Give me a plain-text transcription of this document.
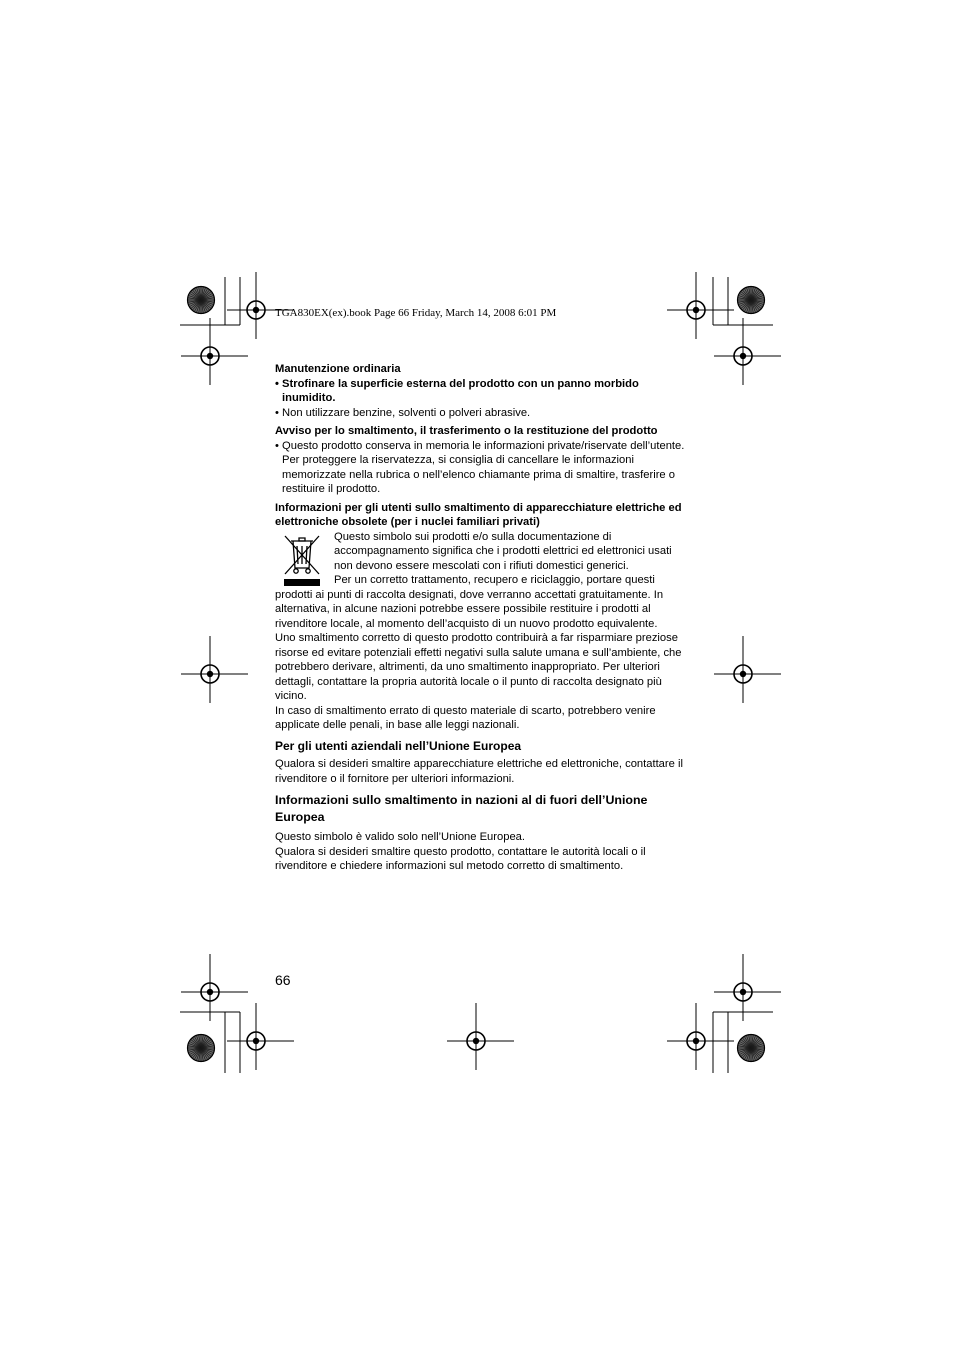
TGA830EX(ex).book Page 66 Friday, March 14, 2008 6:01 PM

Manutenzione ordinaria

• Strofinare la superficie esterna del prodotto con un panno morbido inumidito.

• Non utilizzare benzine, solventi o polveri abrasive.

Avviso per lo smaltimento, il trasferimento o la restituzione del prodotto

• Questo prodotto conserva in memoria le informazioni private/riservate dell’utente. Per proteggere la riservatezza, si consiglia di cancellare le informazioni memorizzate nella rubrica o nell’elenco chiamante prima di smaltire, trasferire o restituire il prodotto.

Informazioni per gli utenti sullo smaltimento di apparecchiature elettriche ed elettroniche obsolete (per i nuclei familiari privati)

Questo simbolo sui prodotti e/o sulla documentazione di accompagnamento significa che i prodotti elettrici ed elettronici usati non devono essere mescolati con i rifiuti domestici generici.

Per un corretto trattamento, recupero e riciclaggio, portare questi prodotti ai punti di raccolta designati, dove verranno accettati gratuitamente. In alternativa, in alcune nazioni potrebbe essere possibile restituire i prodotti al rivenditore locale, al momento dell’acquisto di un nuovo prodotto equivalente.

Uno smaltimento corretto di questo prodotto contribuirà a far risparmiare preziose risorse ed evitare potenziali effetti negativi sulla salute umana e sull’ambiente, che potrebbero derivare, altrimenti, da uno smaltimento inappropriato. Per ulteriori dettagli, contattare la propria autorità locale o il punto di raccolta designato più vicino.

In caso di smaltimento errato di questo materiale di scarto, potrebbero venire applicate delle penali, in base alle leggi nazionali.

Per gli utenti aziendali nell’Unione Europea

Qualora si desideri smaltire apparecchiature elettriche ed elettroniche, contattare il rivenditore o il fornitore per ulteriori informazioni.

Informazioni sullo smaltimento in nazioni al di fuori dell’Unione Europea

Questo simbolo è valido solo nell’Unione Europea.

Qualora si desideri smaltire questo prodotto, contattare le autorità locali o il rivenditore e chiedere informazioni sul metodo corretto di smaltimento.

66
